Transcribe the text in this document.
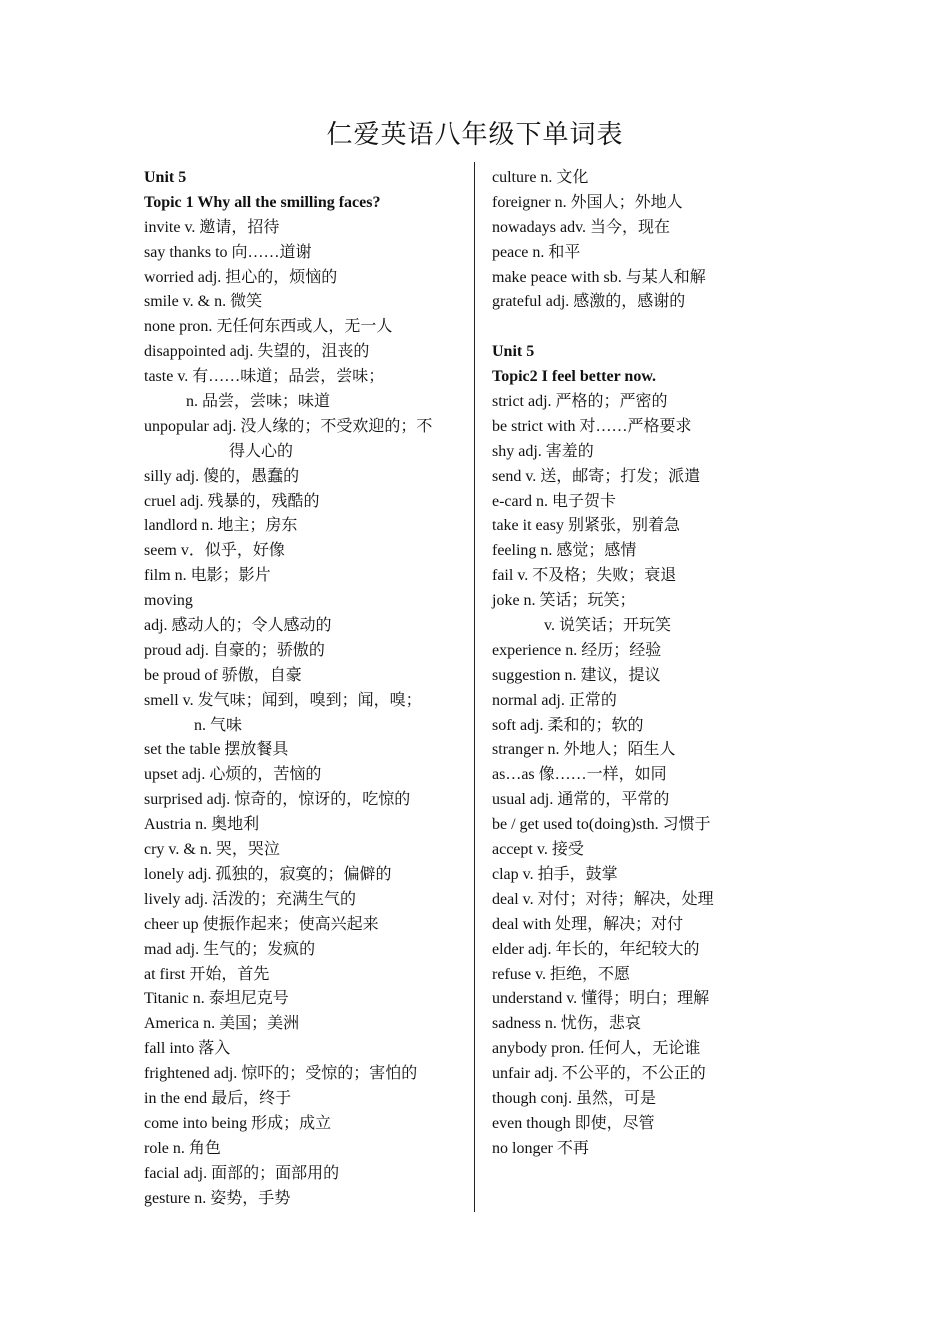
仁爱英语八年级下单词表
Unit 5
Topic 1 Why all the smilling faces?
invite v. 邀请，招待
say thanks to 向……道谢
worried adj. 担心的，烦恼的
smile v. & n. 微笑
none pron. 无任何东西或人，无一人
disappointed adj. 失望的，沮丧的
taste v. 有……味道；品尝，尝味；
n. 品尝，尝味；味道
unpopular adj. 没人缘的；不受欢迎的；不
得人心的
silly adj. 傻的，愚蠢的
cruel adj. 残暴的，残酷的
landlord n. 地主；房东
seem v．似乎，好像
film n. 电影；影片
moving
adj. 感动人的；令人感动的
proud adj. 自豪的；骄傲的
be proud of 骄傲，自豪
smell v. 发气味；闻到，嗅到；闻，嗅；
n. 气味
set the table 摆放餐具
upset adj. 心烦的，苦恼的
surprised adj. 惊奇的，惊讶的，吃惊的
Austria n. 奥地利
cry v. & n. 哭，哭泣
lonely adj. 孤独的，寂寞的；偏僻的
lively adj. 活泼的；充满生气的
cheer up 使振作起来；使高兴起来
mad adj. 生气的；发疯的
at first 开始，首先
Titanic n. 泰坦尼克号
America n. 美国；美洲
fall into 落入
frightened adj. 惊吓的；受惊的；害怕的
in the end 最后，终于
come into being 形成；成立
role n. 角色
facial adj. 面部的；面部用的
gesture n. 姿势，手势
culture n. 文化
foreigner n. 外国人；外地人
nowadays adv. 当今，现在
peace n. 和平
make peace with sb. 与某人和解
grateful adj. 感激的，感谢的
Unit 5
Topic2 I feel better now.
strict adj. 严格的；严密的
be strict with 对……严格要求
shy adj. 害羞的
send v. 送，邮寄；打发；派遣
e-card n. 电子贺卡
take it easy 别紧张，别着急
feeling n. 感觉；感情
fail v. 不及格；失败；衰退
joke n. 笑话；玩笑；
v. 说笑话；开玩笑
experience n. 经历；经验
suggestion n. 建议，提议
normal adj. 正常的
soft adj. 柔和的；软的
stranger n. 外地人；陌生人
as…as 像……一样，如同
usual adj. 通常的，平常的
be / get used to(doing)sth. 习惯于
accept v. 接受
clap v. 拍手，鼓掌
deal v. 对付；对待；解决，处理
deal with 处理，解决；对付
elder adj. 年长的，年纪较大的
refuse v. 拒绝，不愿
understand v. 懂得；明白；理解
sadness n. 忧伤，悲哀
anybody pron. 任何人，无论谁
unfair adj. 不公平的，不公正的
though conj. 虽然，可是
even though 即使，尽管
no longer 不再
